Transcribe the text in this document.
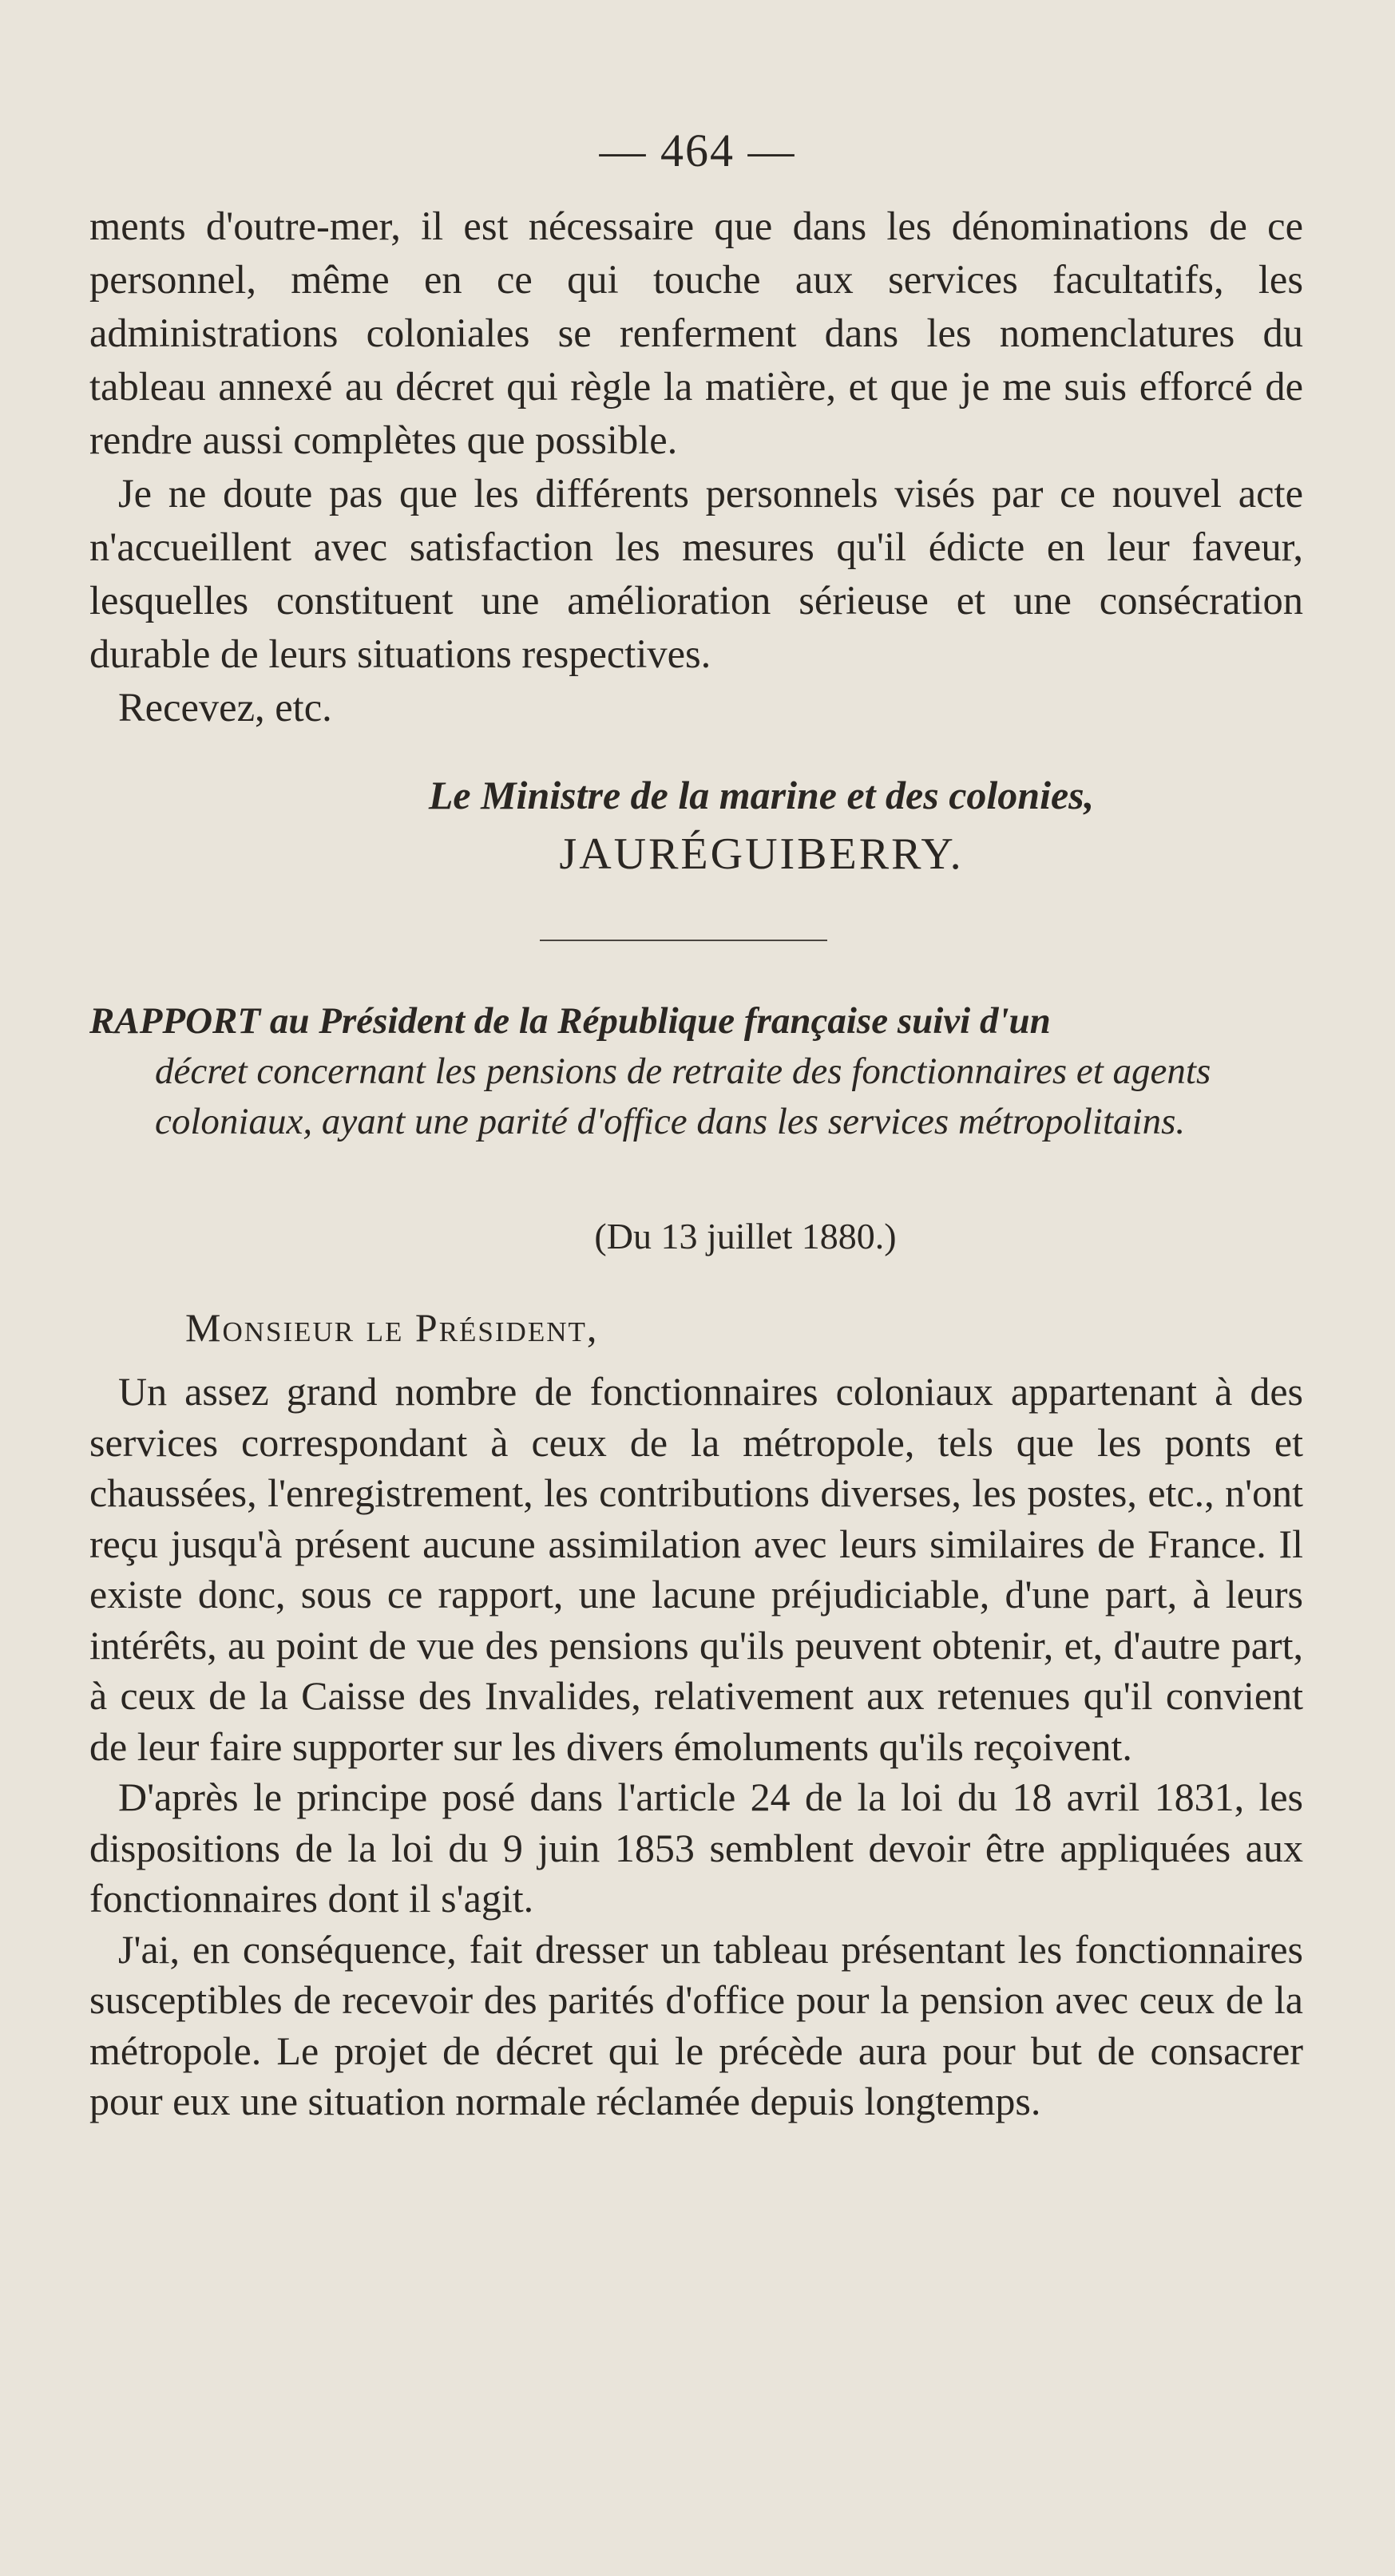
— 464 —

ments d'outre-mer, il est nécessaire que dans les dénominations de ce personnel, même en ce qui touche aux services facultatifs, les administrations coloniales se renferment dans les nomenclatures du tableau annexé au décret qui règle la matière, et que je me suis efforcé de rendre aussi complètes que possible.

Je ne doute pas que les différents personnels visés par ce nouvel acte n'accueillent avec satisfaction les mesures qu'il édicte en leur faveur, lesquelles constituent une amélioration sérieuse et une consécration durable de leurs situations respectives.

Recevez, etc.

Le Ministre de la marine et des colonies,
JAURÉGUIBERRY.
RAPPORT au Président de la République française suivi d'un
décret concernant les pensions de retraite des fonctionnaires et agents coloniaux, ayant une parité d'office dans les services métropolitains.
(Du 13 juillet 1880.)
Monsieur le Président,

Un assez grand nombre de fonctionnaires coloniaux appartenant à des services correspondant à ceux de la métropole, tels que les ponts et chaussées, l'enregistrement, les contributions diverses, les postes, etc., n'ont reçu jusqu'à présent aucune assimilation avec leurs similaires de France. Il existe donc, sous ce rapport, une lacune préjudiciable, d'une part, à leurs intérêts, au point de vue des pensions qu'ils peuvent obtenir, et, d'autre part, à ceux de la Caisse des Invalides, relativement aux retenues qu'il convient de leur faire supporter sur les divers émoluments qu'ils reçoivent.

D'après le principe posé dans l'article 24 de la loi du 18 avril 1831, les dispositions de la loi du 9 juin 1853 semblent devoir être appliquées aux fonctionnaires dont il s'agit.

J'ai, en conséquence, fait dresser un tableau présentant les fonctionnaires susceptibles de recevoir des parités d'office pour la pension avec ceux de la métropole. Le projet de décret qui le précède aura pour but de consacrer pour eux une situation normale réclamée depuis longtemps.
